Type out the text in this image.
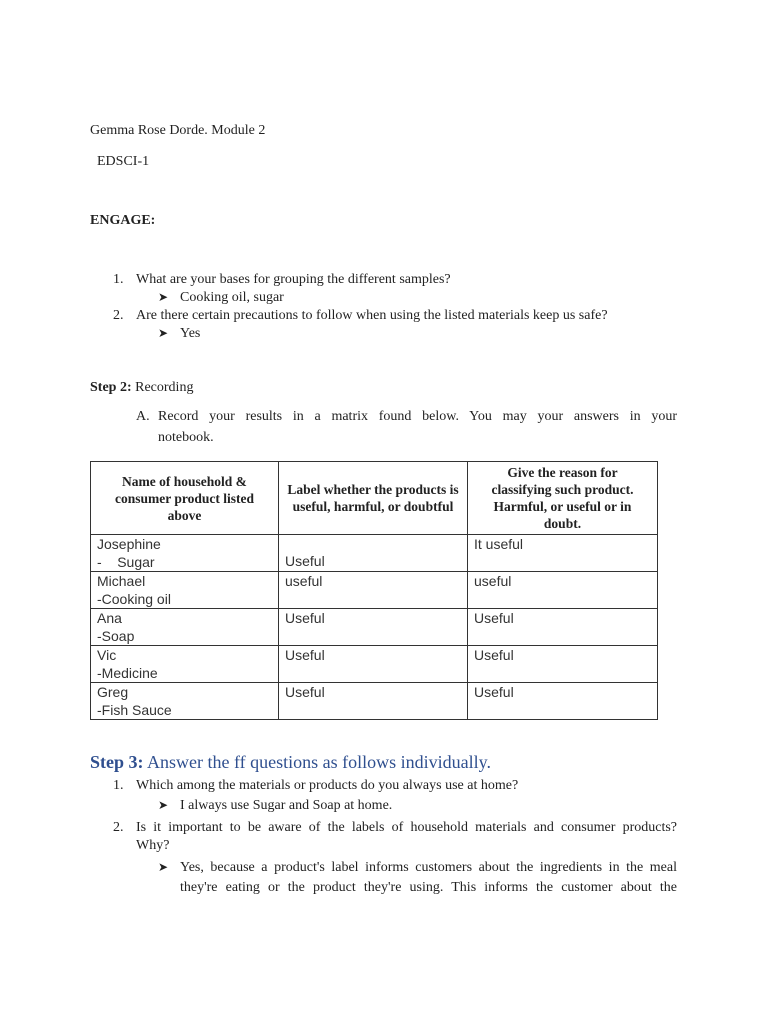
Gemma Rose Dorde. Module 2
EDSCI-1
ENGAGE:
1. What are your bases for grouping the different samples?
➤ Cooking oil, sugar
2. Are there certain precautions to follow when using the listed materials keep us safe?
➤ Yes
Step 2: Recording
A. Record your results in a matrix found below. You may your answers in your
notebook.
Name of household & consumer product listed above	Label whether the products is useful, harmful, or doubtful	Give the reason for classifying such product. Harmful, or useful or in doubt.

Josephine
-    Sugar	Useful	It useful

Michael
-Cooking oil	useful	useful

Ana
-Soap	Useful	Useful

Vic
-Medicine	Useful	Useful

Greg
-Fish Sauce	Useful	Useful
Step 3: Answer the ff questions as follows individually.
1. Which among the materials or products do you always use at home?
➤ I always use Sugar and Soap at home.
2. Is it important to be aware of the labels of household materials and consumer products?
Why?
➤ Yes, because a product's label informs customers about the ingredients in the meal
they're eating or the product they're using. This informs the customer about the
